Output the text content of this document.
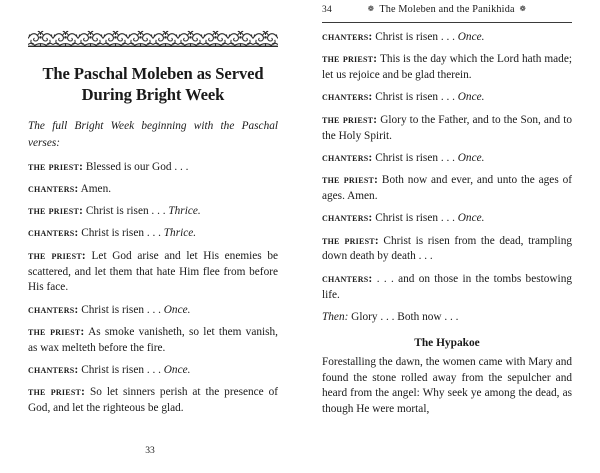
The Paschal Moleben as Served
During Bright Week

The full Bright Week beginning with the Paschal verses:

the priest: Blessed is our God . . .

chanters: Amen.

the priest: Christ is risen . . . Thrice.

chanters: Christ is risen . . . Thrice.

the priest: Let God arise and let His enemies be scattered, and let them that hate Him flee from before His face.

chanters: Christ is risen . . . Once.

the priest: As smoke vanisheth, so let them vanish, as wax melteth before the fire.

chanters: Christ is risen . . . Once.

the priest: So let sinners perish at the presence of God, and let the righteous be glad.

33
34	❁ The Moleben and the Panikhida ❁

chanters: Christ is risen . . . Once.

the priest: This is the day which the Lord hath made; let us rejoice and be glad therein.

chanters: Christ is risen . . . Once.

the priest: Glory to the Father, and to the Son, and to the Holy Spirit.

chanters: Christ is risen . . . Once.

the priest: Both now and ever, and unto the ages of ages. Amen.

chanters: Christ is risen . . . Once.

the priest: Christ is risen from the dead, trampling down death by death . . .

chanters: . . . and on those in the tombs bestowing life.

Then: Glory . . . Both now . . .

The Hypakoe

Forestalling the dawn, the women came with Mary and found the stone rolled away from the sepulcher and heard from the angel: Why seek ye among the dead, as though He were mortal,
